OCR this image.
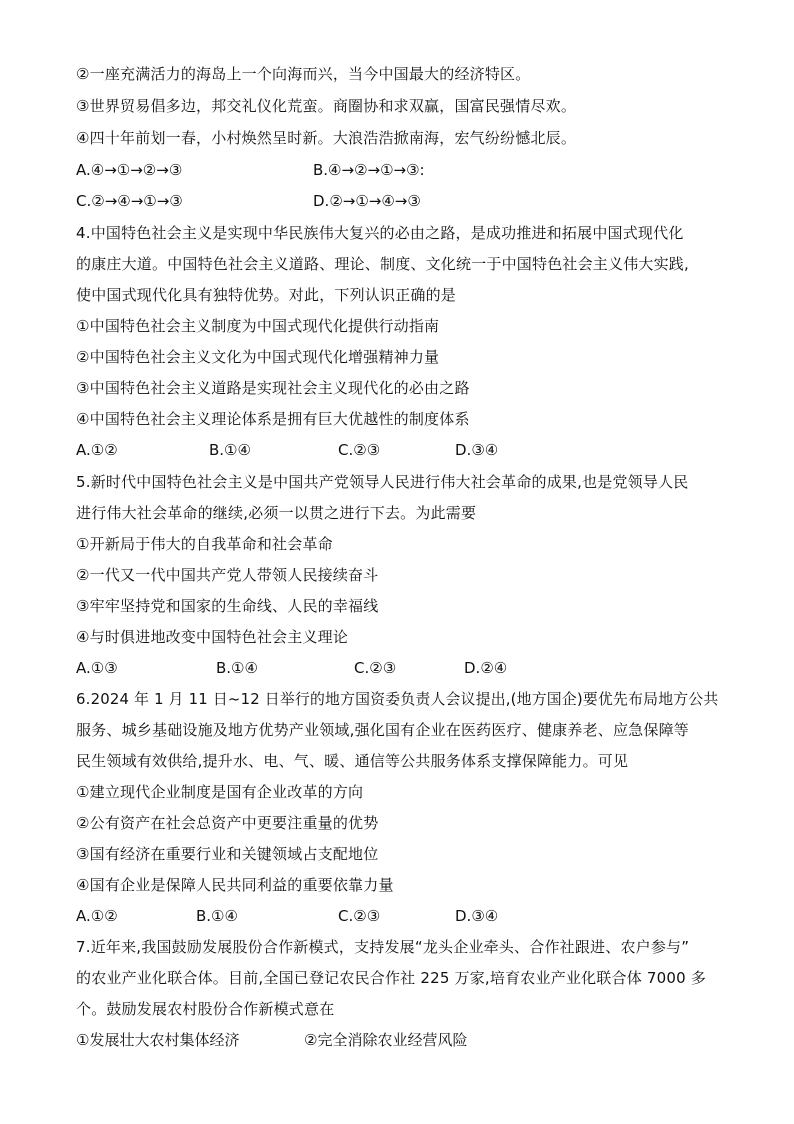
②一座充满活力的海岛上一个向海而兴，当今中国最大的经济特区。
③世界贸易倡多边，邦交礼仪化荒蛮。商圈协和求双赢，国富民强情尽欢。
④四十年前划一春，小村焕然呈时新。大浪浩浩掀南海，宏气纷纷憾北辰。
A.④→①→②→③	B.④→②→①→③:
C.②→④→①→③	D.②→①→④→③
4.中国特色社会主义是实现中华民族伟大复兴的必由之路，是成功推进和拓展中国式现代化
的康庄大道。中国特色社会主义道路、理论、制度、文化统一于中国特色社会主义伟大实践,
使中国式现代化具有独特优势。对此，下列认识正确的是
①中国特色社会主义制度为中国式现代化提供行动指南
②中国特色社会主义文化为中国式现代化增强精神力量
③中国特色社会主义道路是实现社会主义现代化的必由之路
④中国特色社会主义理论体系是拥有巨大优越性的制度体系
A.①②	B.①④	C.②③	D.③④
5.新时代中国特色社会主义是中国共产党领导人民进行伟大社会革命的成果,也是党领导人民
进行伟大社会革命的继续,必须一以贯之进行下去。为此需要
①开新局于伟大的自我革命和社会革命
②一代又一代中国共产党人带领人民接续奋斗
③牢牢坚持党和国家的生命线、人民的幸福线
④与时俱进地改变中国特色社会主义理论
A.①③	B.①④	C.②③	D.②④
6.2024 年 1 月 11 日~12 日举行的地方国资委负责人会议提出,(地方国企)要优先布局地方公共
服务、城乡基础设施及地方优势产业领域,强化国有企业在医药医疗、健康养老、应急保障等
民生领域有效供给,提升水、电、气、暖、通信等公共服务体系支撑保障能力。可见
①建立现代企业制度是国有企业改革的方向
②公有资产在社会总资产中更要注重量的优势
③国有经济在重要行业和关键领域占支配地位
④国有企业是保障人民共同利益的重要依靠力量
A.①②	B.①④	C.②③	D.③④
7.近年来,我国鼓励发展股份合作新模式，支持发展“龙头企业牵头、合作社跟进、农户参与”
的农业产业化联合体。目前,全国已登记农民合作社 225 万家,培育农业产业化联合体 7000 多
个。鼓励发展农村股份合作新模式意在
①发展壮大农村集体经济	②完全消除农业经营风险
